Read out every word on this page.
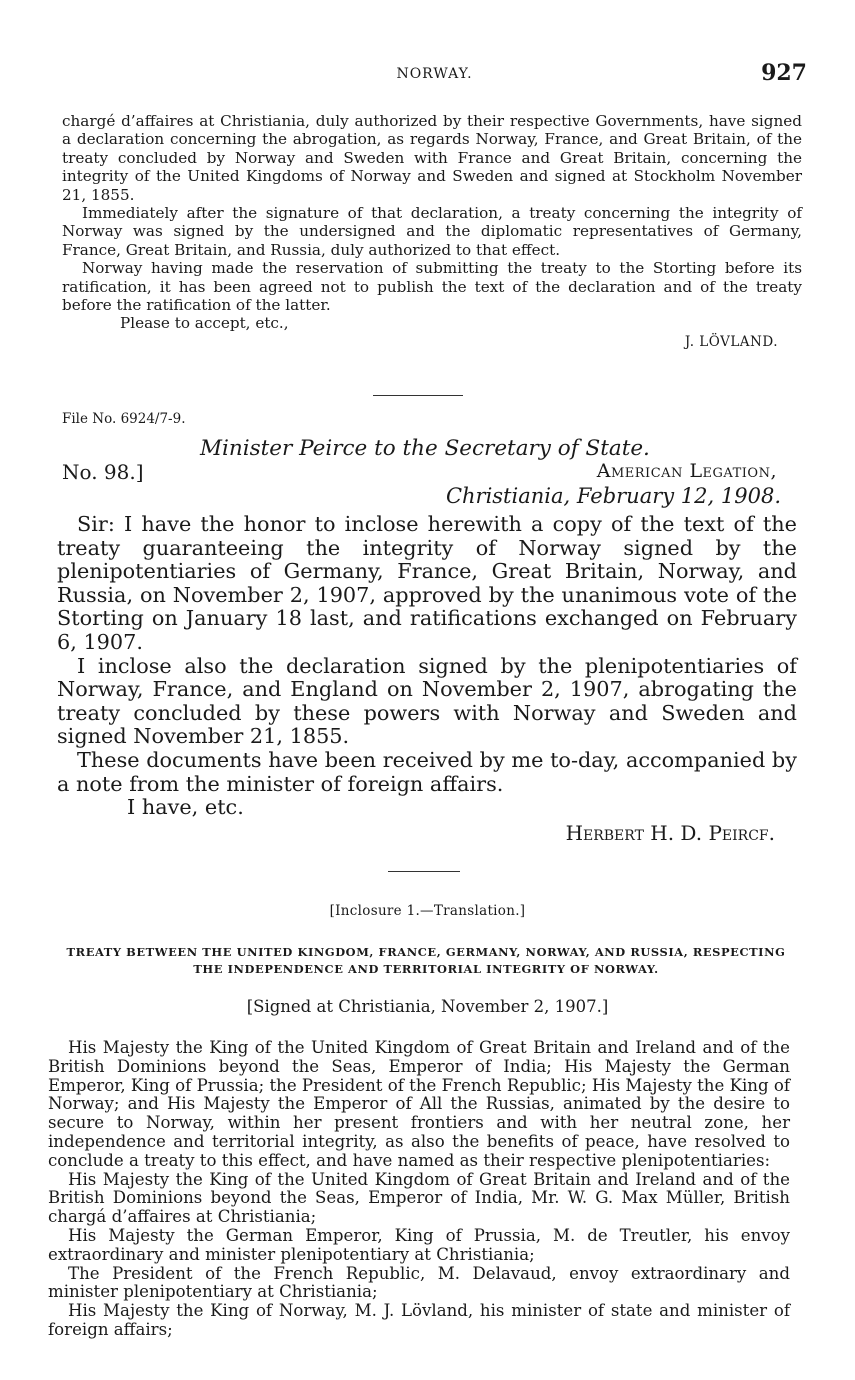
NORWAY.	927

chargé d’affaires at Christiania, duly authorized by their respective Governments, have signed a declaration concerning the abrogation, as regards Norway, France, and Great Britain, of the treaty concluded by Norway and Sweden with France and Great Britain, concerning the integrity of the United Kingdoms of Norway and Sweden and signed at Stockholm November 21, 1855.

Immediately after the signature of that declaration, a treaty concerning the integrity of Norway was signed by the undersigned and the diplomatic representatives of Germany, France, Great Britain, and Russia, duly authorized to that effect.

Norway having made the reservation of submitting the treaty to the Storting before its ratification, it has been agreed not to publish the text of the declaration and of the treaty before the ratification of the latter.

Please to accept, etc.,

J. LÖVLAND.
File No. 6924/7-9.
Minister Peirce to the Secretary of State.
No. 98.]	American Legation,
Christiania, February 12, 1908.

Sir: I have the honor to inclose herewith a copy of the text of the treaty guaranteeing the integrity of Norway signed by the plenipotentiaries of Germany, France, Great Britain, Norway, and Russia, on November 2, 1907, approved by the unanimous vote of the Storting on January 18 last, and ratifications exchanged on February 6, 1907.

I inclose also the declaration signed by the plenipotentiaries of Norway, France, and England on November 2, 1907, abrogating the treaty concluded by these powers with Norway and Sweden and signed November 21, 1855.

These documents have been received by me to-day, accompanied by a note from the minister of foreign affairs.

I have, etc.

Herbert H. D. Peircf.
[Inclosure 1.—Translation.]
TREATY BETWEEN THE UNITED KINGDOM, FRANCE, GERMANY, NORWAY, AND RUSSIA, RESPECTING THE INDEPENDENCE AND TERRITORIAL INTEGRITY OF NORWAY.
[Signed at Christiania, November 2, 1907.]

His Majesty the King of the United Kingdom of Great Britain and Ireland and of the British Dominions beyond the Seas, Emperor of India; His Majesty the German Emperor, King of Prussia; the President of the French Republic; His Majesty the King of Norway; and His Majesty the Emperor of All the Russias, animated by the desire to secure to Norway, within her present frontiers and with her neutral zone, her independence and territorial integrity, as also the benefits of peace, have resolved to conclude a treaty to this effect, and have named as their respective plenipotentiaries:

His Majesty the King of the United Kingdom of Great Britain and Ireland and of the British Dominions beyond the Seas, Emperor of India, Mr. W. G. Max Müller, British chargá d’affaires at Christiania;

His Majesty the German Emperor, King of Prussia, M. de Treutler, his envoy extraordinary and minister plenipotentiary at Christiania;

The President of the French Republic, M. Delavaud, envoy extraordinary and minister plenipotentiary at Christiania;

His Majesty the King of Norway, M. J. Lövland, his minister of state and minister of foreign affairs;
